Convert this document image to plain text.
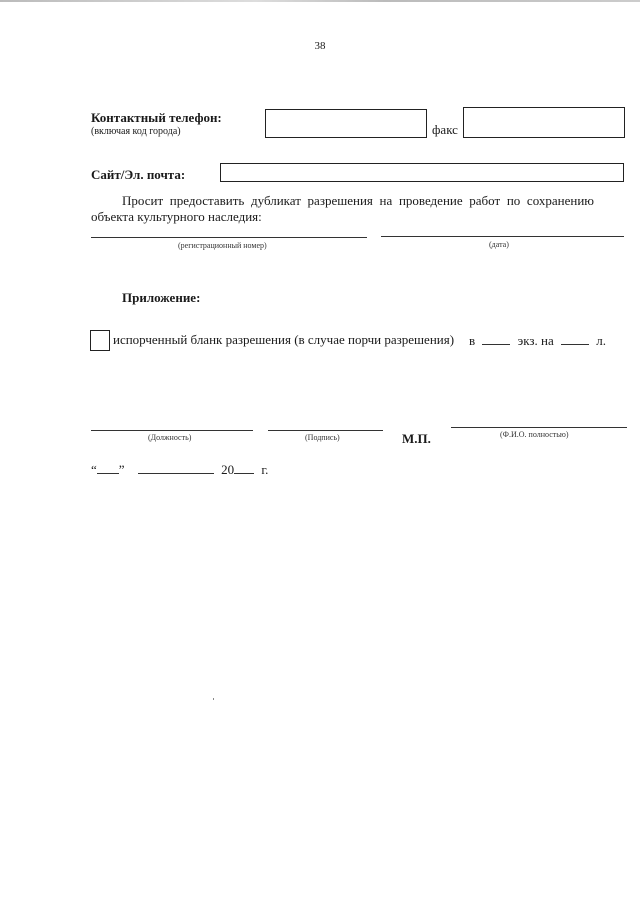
38
Контактный телефон:
(включая код города)	факс
Сайт/Эл. почта:
Просит предоставить дубликат разрешения на проведение работ по сохранению объекта культурного наследия:
(регистрационный номер)	(дата)
Приложение:
испорченный бланк разрешения (в случае порчи разрешения) в	экз. на	л.
(Должность)	(Подпись)	М.П.	(Ф.И.О. полностью)
“ ”	20 г.
